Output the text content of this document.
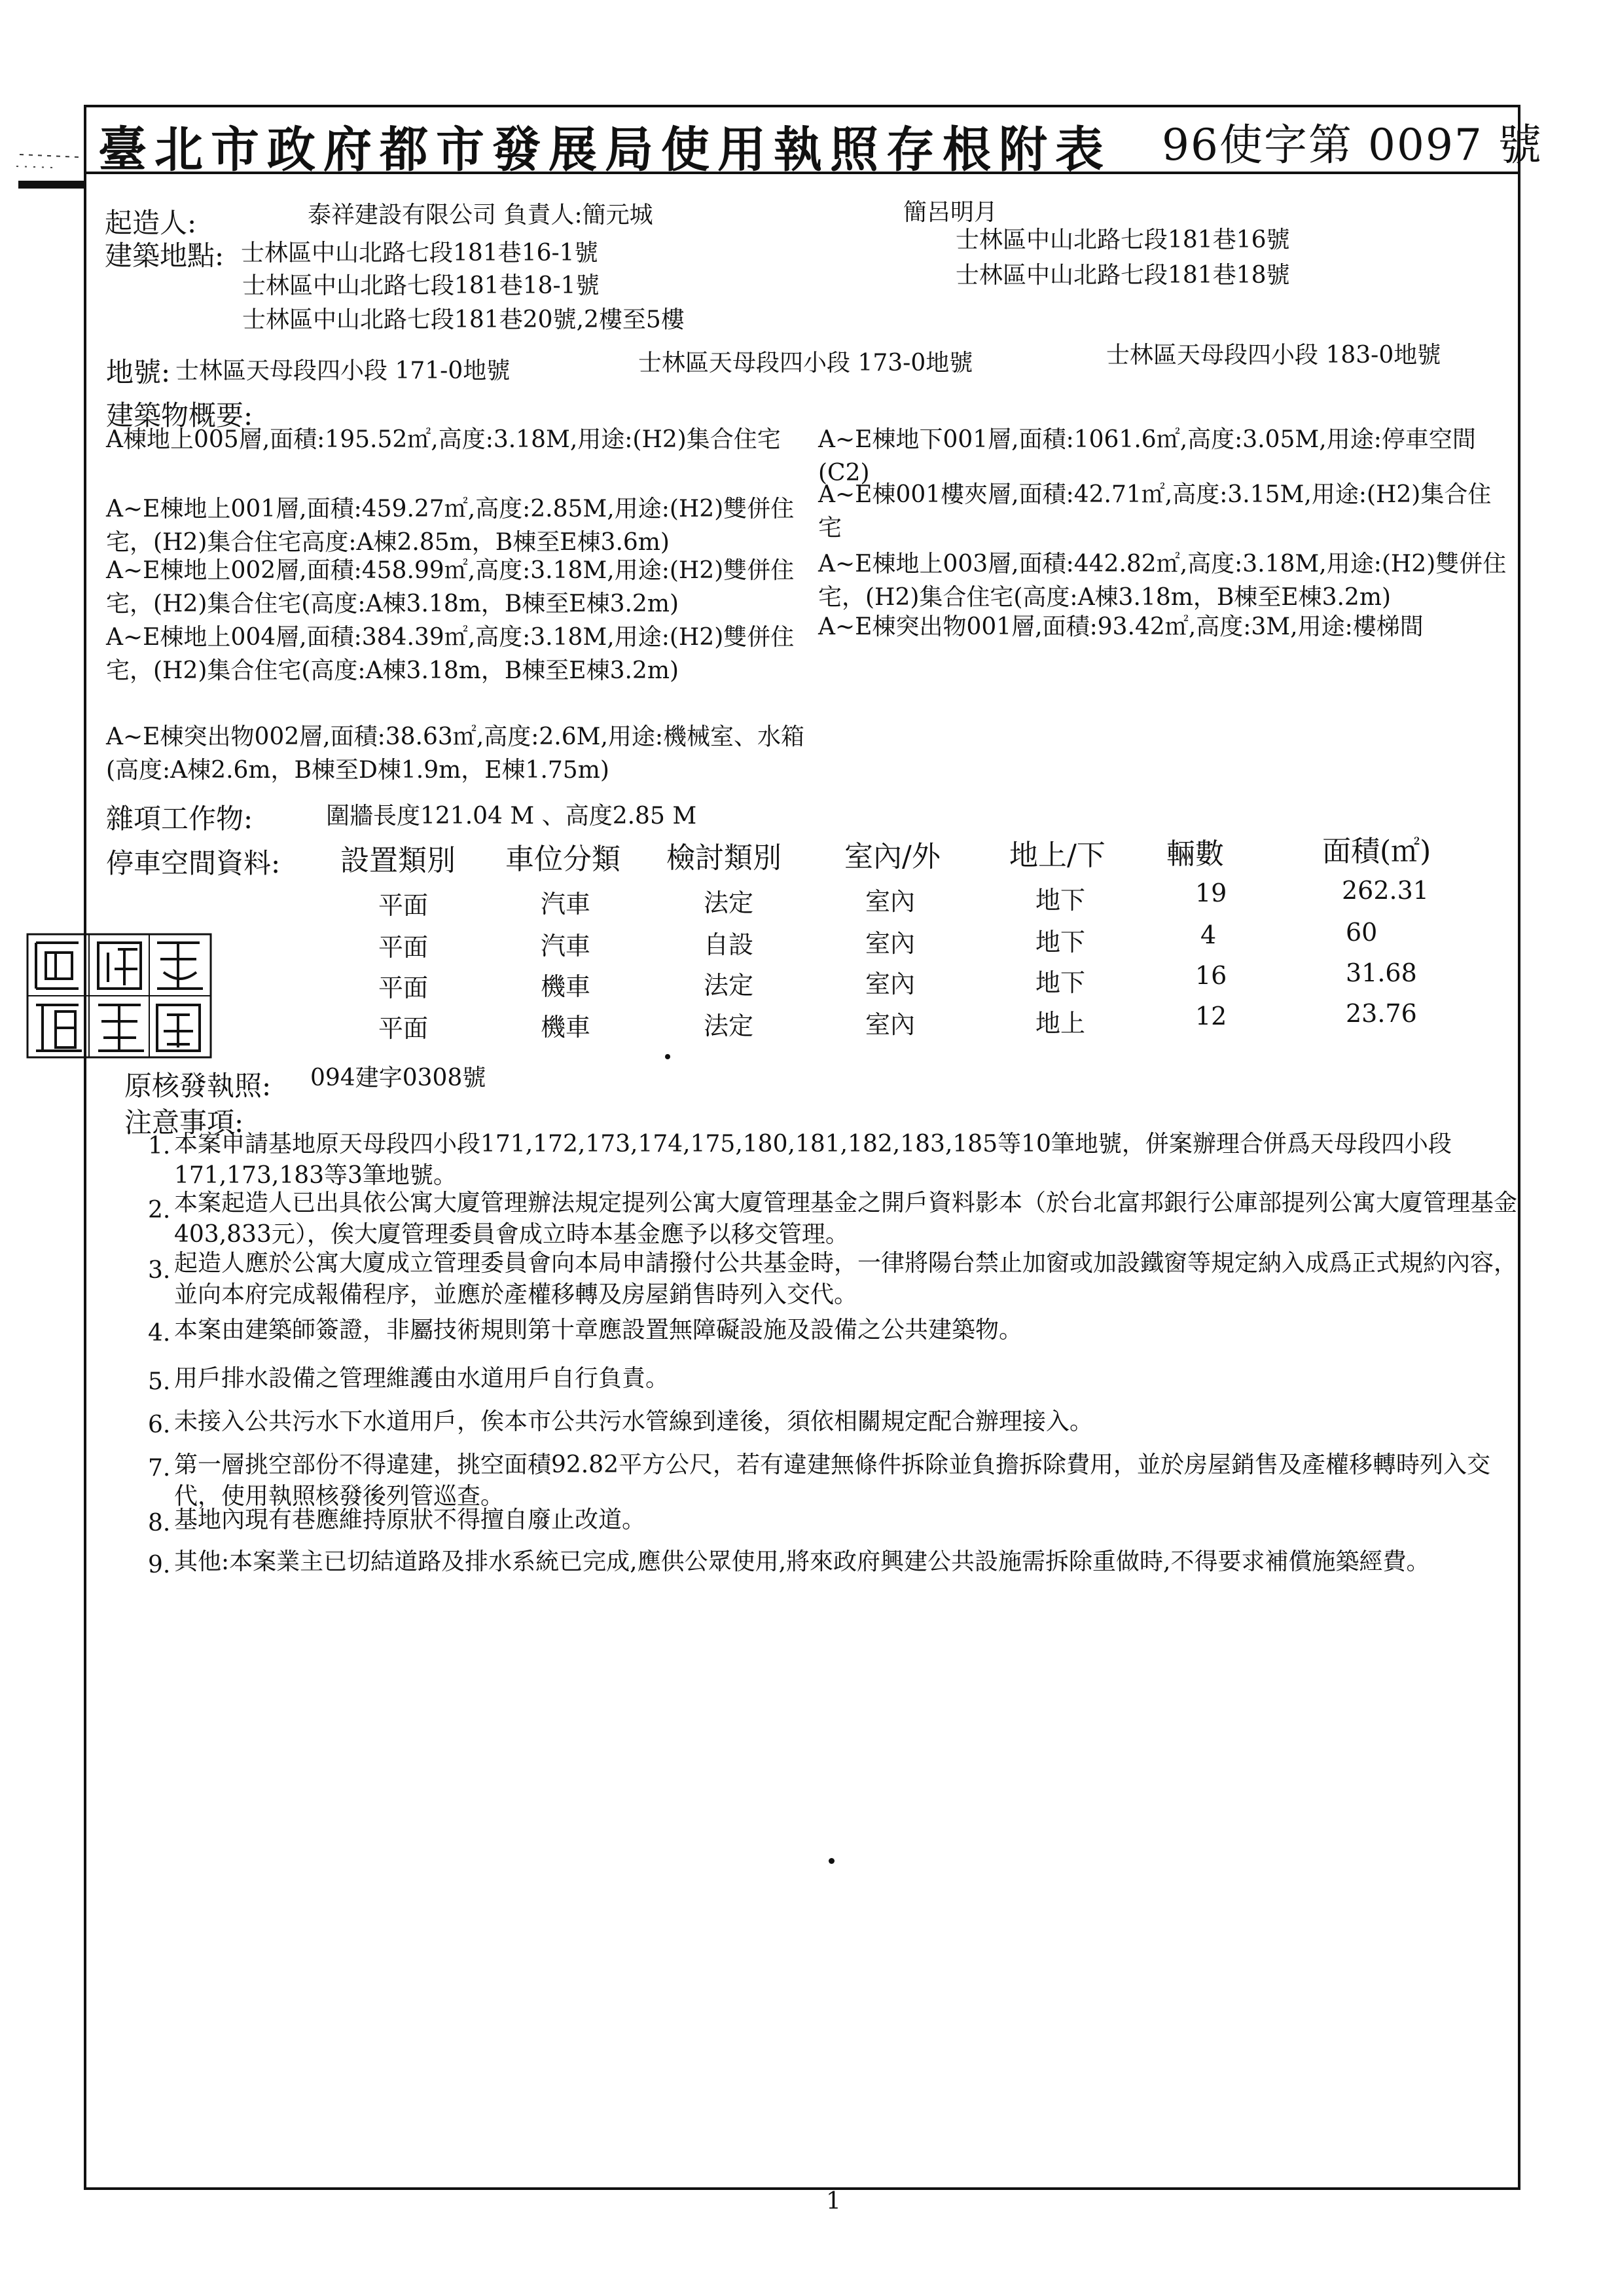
臺北市政府都市發展局使用執照存根附表 96使字第 0097 號
起造人:	泰祥建設有限公司 負責人:簡元城	簡呂明月
建築地點: 士林區中山北路七段181巷16-1號	士林區中山北路七段181巷16號
士林區中山北路七段181巷18-1號	士林區中山北路七段181巷18號
士林區中山北路七段181巷20號,2樓至5樓
地號: 士林區天母段四小段 171-0地號	士林區天母段四小段 173-0地號	士林區天母段四小段 183-0地號
建築物概要:
A棟地上005層,面積:195.52㎡,高度:3.18M,用途:(H2)集合住宅	A~E棟地下001層,面積:1061.6㎡,高度:3.05M,用途:停車空間(C2)
A~E棟地上001層,面積:459.27㎡,高度:2.85M,用途:(H2)雙併住宅，(H2)集合住宅高度:A棟2.85m，B棟至E棟3.6m)
A~E棟001樓夾層,面積:42.71㎡,高度:3.15M,用途:(H2)集合住宅
A~E棟地上002層,面積:458.99㎡,高度:3.18M,用途:(H2)雙併住宅，(H2)集合住宅(高度:A棟3.18m，B棟至E棟3.2m)
A~E棟地上003層,面積:442.82㎡,高度:3.18M,用途:(H2)雙併住宅，(H2)集合住宅(高度:A棟3.18m，B棟至E棟3.2m)
A~E棟地上004層,面積:384.39㎡,高度:3.18M,用途:(H2)雙併住宅，(H2)集合住宅(高度:A棟3.18m，B棟至E棟3.2m)
A~E棟突出物001層,面積:93.42㎡,高度:3M,用途:樓梯間
A~E棟突出物002層,面積:38.63㎡,高度:2.6M,用途:機械室、水箱(高度:A棟2.6m，B棟至D棟1.9m，E棟1.75m)
雜項工作物:	圍牆長度121.04 M 、高度2.85 M
停車空間資料: 設置類別 車位分類 檢討類別 室內/外 地上/下 輛數	面積(㎡)
平面	汽車	法定	室內	地下	19	262.31
平面	汽車	自設	室內	地下	4	60
平面	機車	法定	室內	地下	16	31.68
平面	機車	法定	室內	地上	12	23.76
原核發執照: 094建字0308號
注意事項:
1. 本案申請基地原天母段四小段171,172,173,174,175,180,181,182,183,185等10筆地號，併案辦理合併爲天母段四小段171,173,183等3筆地號。
2. 本案起造人已出具依公寓大廈管理辦法規定提列公寓大廈管理基金之開戶資料影本（於台北富邦銀行公庫部提列公寓大廈管理基金403,833元），俟大廈管理委員會成立時本基金應予以移交管理。
3. 起造人應於公寓大廈成立管理委員會向本局申請撥付公共基金時，一律將陽台禁止加窗或加設鐵窗等規定納入成爲正式規約內容，並向本府完成報備程序，並應於產權移轉及房屋銷售時列入交代。
4. 本案由建築師簽證，非屬技術規則第十章應設置無障礙設施及設備之公共建築物。
5. 用戶排水設備之管理維護由水道用戶自行負責。
6. 未接入公共污水下水道用戶，俟本市公共污水管線到達後，須依相關規定配合辦理接入。
7. 第一層挑空部份不得違建，挑空面積92.82平方公尺，若有違建無條件拆除並負擔拆除費用，並於房屋銷售及產權移轉時列入交代，使用執照核發後列管巡查。
8. 基地內現有巷應維持原狀不得擅自廢止改道。
9. 其他:本案業主已切結道路及排水系統已完成,應供公眾使用,將來政府興建公共設施需拆除重做時,不得要求補償施築經費。
1
